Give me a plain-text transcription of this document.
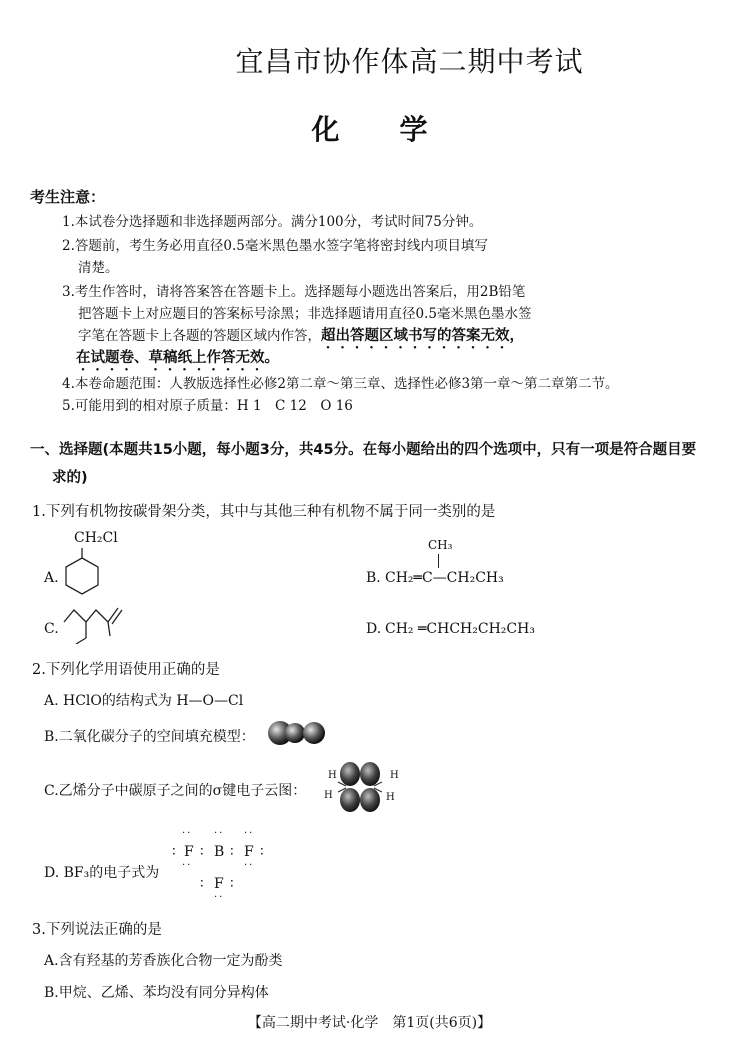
宜昌市协作体高二期中考试
化学
考生注意：
1.本试卷分选择题和非选择题两部分。满分100分，考试时间75分钟。
2.答题前，考生务必用直径0.5毫米黑色墨水签字笔将密封线内项目填写
清楚。
3.考生作答时，请将答案答在答题卡上。选择题每小题选出答案后，用2B铅笔
把答题卡上对应题目的答案标号涂黑；非选择题请用直径0.5毫米黑色墨水签
字笔在答题卡上各题的答题区域内作答，超出答题区域书写的答案无效，
在试题卷、草稿纸上作答无效。
4.本卷命题范围：人教版选择性必修2第二章～第三章、选择性必修3第一章～第二章第二节。
5.可能用到的相对原子质量：H 1　C 12　O 16
一、选择题(本题共15小题，每小题3分，共45分。在每小题给出的四个选项中，只有一项是符合题目要
求的)
1.下列有机物按碳骨架分类，其中与其他三种有机物不属于同一类别的是
CH₂Cl
A.
CH₃
B. CH₂═C—CH₂CH₃
C.	D. CH₂ ═CHCH₂CH₂CH₃
2.下列化学用语使用正确的是
A. HClO的结构式为 H—O—Cl
B.二氧化碳分子的空间填充模型：
C.乙烯分子中碳原子之间的σ键电子云图：
H
H
H
H
D. BF₃的电子式为
·· ·· ··
∶ F ∶ B ∶ F ∶
··	··
∶ F ∶
··
3.下列说法正确的是
A.含有羟基的芳香族化合物一定为酚类
B.甲烷、乙烯、苯均没有同分异构体
【高二期中考试·化学　第1页(共6页)】
